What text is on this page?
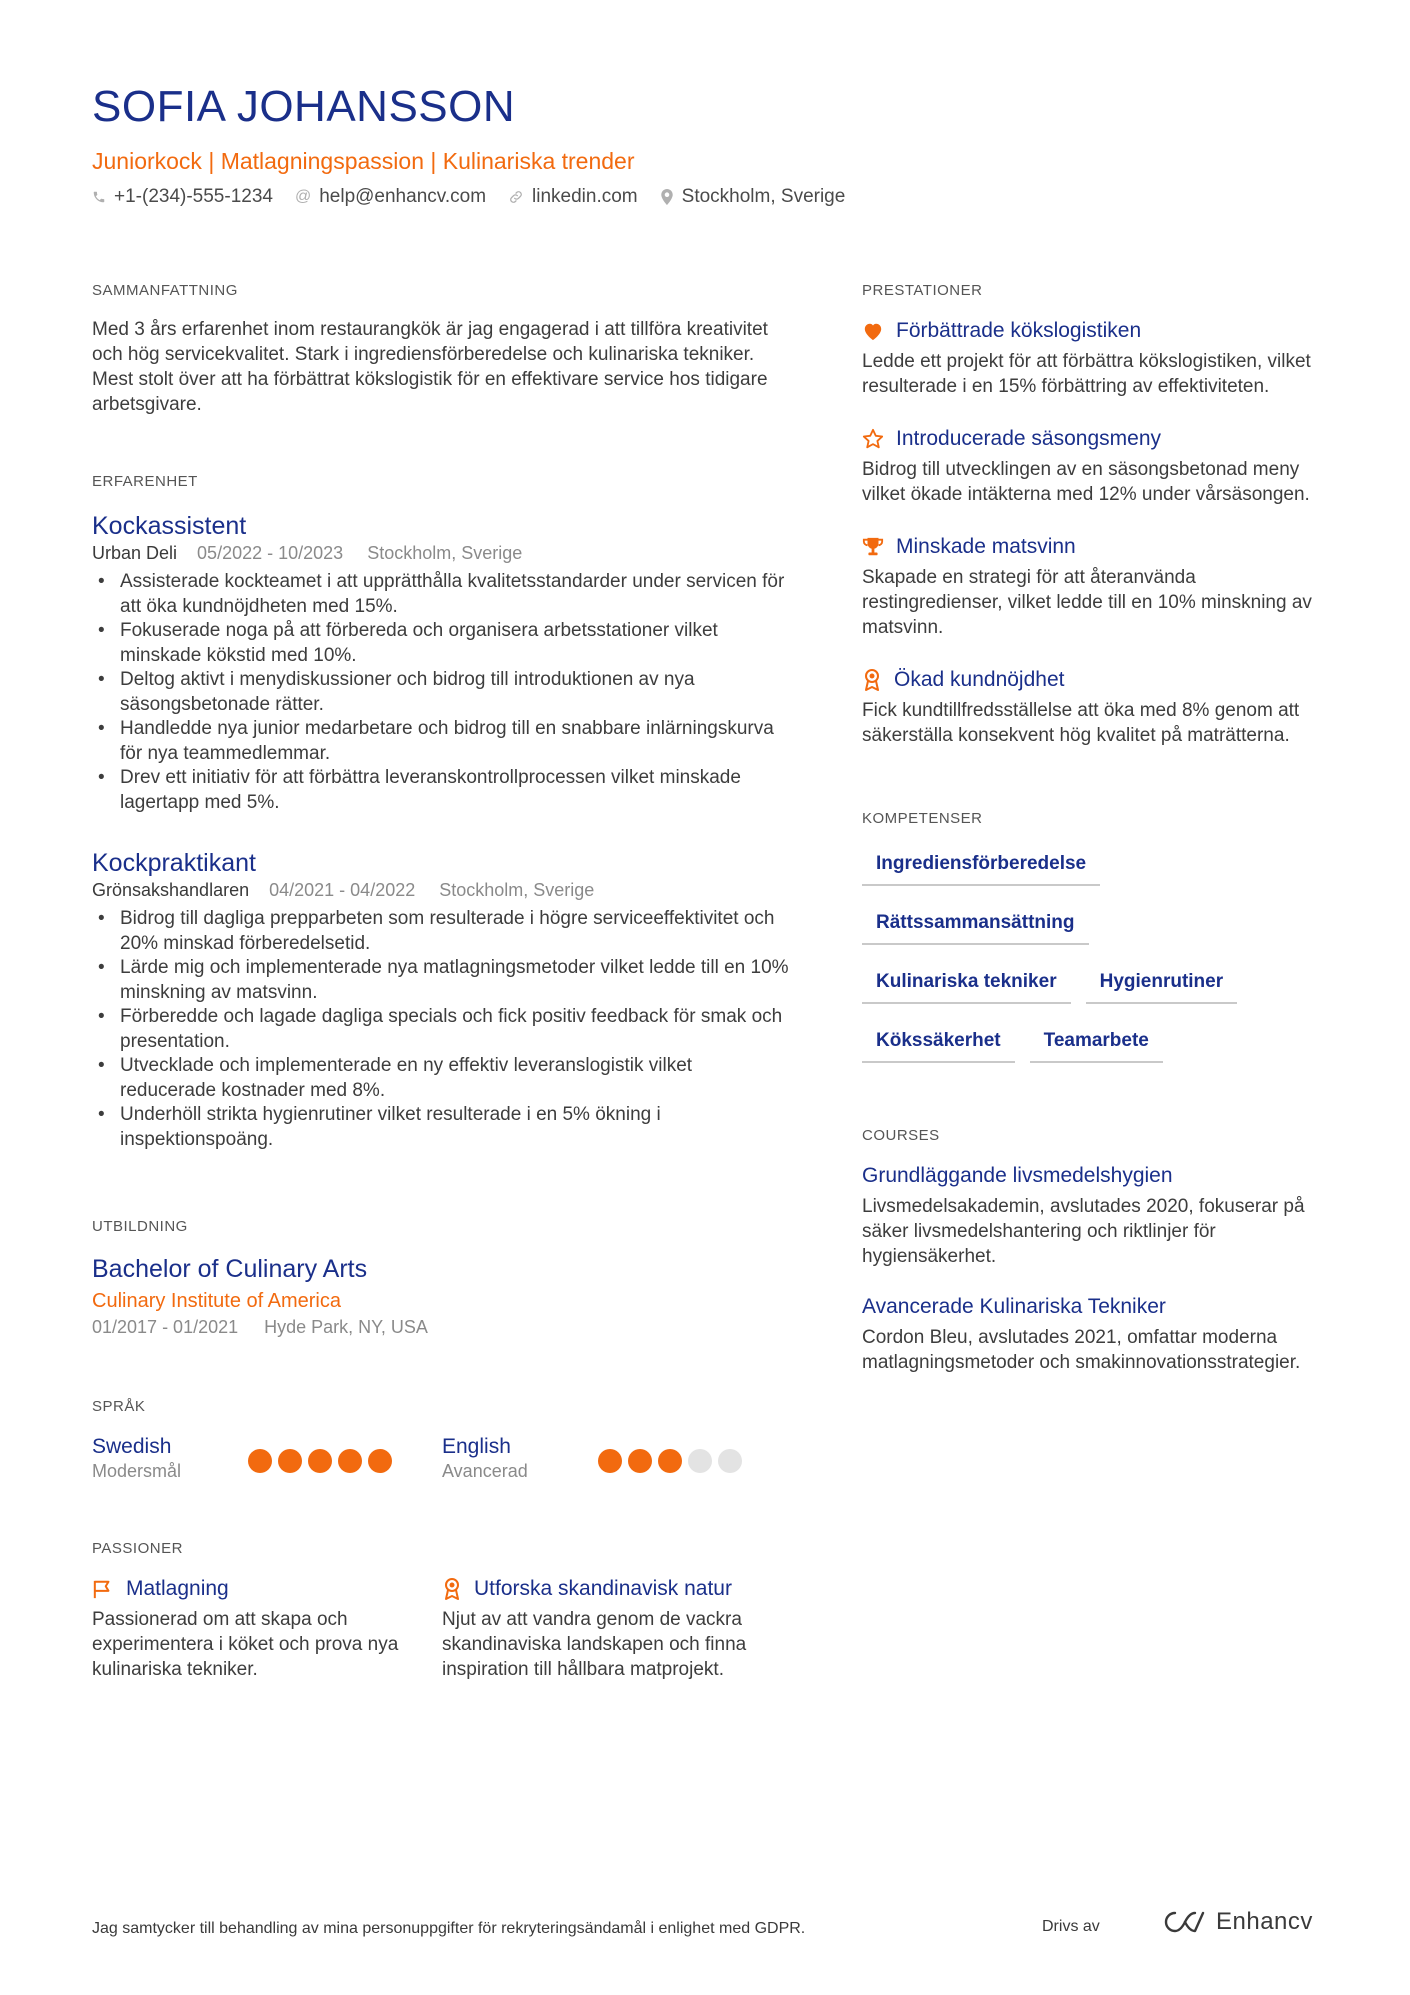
SOFIA JOHANSSON
Juniorkock | Matlagningspassion | Kulinariska trender
+1-(234)-555-1234 @ help@enhancv.com linkedin.com Stockholm, Sverige
SAMMANFATTNING
Med 3 års erfarenhet inom restaurangkök är jag engagerad i att tillföra kreativitet och hög servicekvalitet. Stark i ingrediensförberedelse och kulinariska tekniker. Mest stolt över att ha förbättrat kökslogistik för en effektivare service hos tidigare arbetsgivare.
ERFARENHET
Kockassistent
Urban Deli 05/2022 - 10/2023 Stockholm, Sverige
• Assisterade kockteamet i att upprätthålla kvalitetsstandarder under servicen för att öka kundnöjdheten med 15%.
• Fokuserade noga på att förbereda och organisera arbetsstationer vilket minskade kökstid med 10%.
• Deltog aktivt i menydiskussioner och bidrog till introduktionen av nya säsongsbetonade rätter.
• Handledde nya junior medarbetare och bidrog till en snabbare inlärningskurva för nya teammedlemmar.
• Drev ett initiativ för att förbättra leveranskontrollprocessen vilket minskade lagertapp med 5%.
Kockpraktikant
Grönsakshandlaren 04/2021 - 04/2022 Stockholm, Sverige
• Bidrog till dagliga prepparbeten som resulterade i högre serviceeffektivitet och 20% minskad förberedelsetid.
• Lärde mig och implementerade nya matlagningsmetoder vilket ledde till en 10% minskning av matsvinn.
• Förberedde och lagade dagliga specials och fick positiv feedback för smak och presentation.
• Utvecklade och implementerade en ny effektiv leveranslogistik vilket reducerade kostnader med 8%.
• Underhöll strikta hygienrutiner vilket resulterade i en 5% ökning i inspektionspoäng.
UTBILDNING
Bachelor of Culinary Arts
Culinary Institute of America
01/2017 - 01/2021 Hyde Park, NY, USA
SPRÅK
Swedish
Modersmål
English
Avancerad
PASSIONER
Matlagning
Passionerad om att skapa och experimentera i köket och prova nya kulinariska tekniker.
Utforska skandinavisk natur
Njut av att vandra genom de vackra skandinaviska landskapen och finna inspiration till hållbara matprojekt.
PRESTATIONER
Förbättrade kökslogistiken
Ledde ett projekt för att förbättra kökslogistiken, vilket resulterade i en 15% förbättring av effektiviteten.
Introducerade säsongsmeny
Bidrog till utvecklingen av en säsongsbetonad meny vilket ökade intäkterna med 12% under vårsäsongen.
Minskade matsvinn
Skapade en strategi för att återanvända restingredienser, vilket ledde till en 10% minskning av matsvinn.
Ökad kundnöjdhet
Fick kundtillfredsställelse att öka med 8% genom att säkerställa konsekvent hög kvalitet på maträtterna.
KOMPETENSER
Ingrediensförberedelse
Rättssammansättning
Kulinariska tekniker	Hygienrutiner
Kökssäkerhet	Teamarbete
COURSES
Grundläggande livsmedelshygien
Livsmedelsakademin, avslutades 2020, fokuserar på säker livsmedelshantering och riktlinjer för hygiensäkerhet.
Avancerade Kulinariska Tekniker
Cordon Bleu, avslutades 2021, omfattar moderna matlagningsmetoder och smakinnovationsstrategier.
Jag samtycker till behandling av mina personuppgifter för rekryteringsändamål i enlighet med GDPR.	Drivs av	Enhancv
